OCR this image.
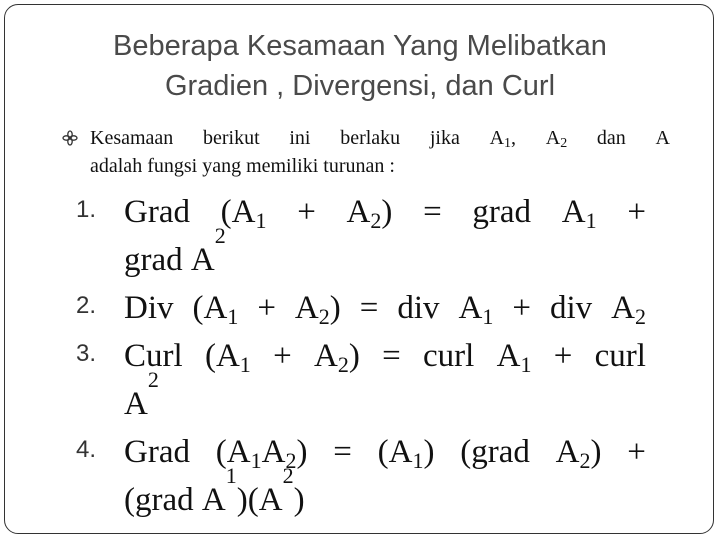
Beberapa Kesamaan Yang Melibatkan
Gradien , Divergensi, dan Curl
Kesamaan berikut ini berlaku jika $A_1$, $A_2$ dan A
adalah fungsi yang memiliki turunan :
1. Grad $(A_1 + A_2)$ = grad $A_1$ +
grad
A
2
2. Div $(A_1 + A_2)$ = div $A_1$ + div $A_2$
3. Curl $(A_1 + A_2)$ = curl $A_1$ + curl
A
2
4. Grad $(A_1A_2) = (A_1)$ (grad $A_2$) +
( grad
A
1
) ( A
2
)
